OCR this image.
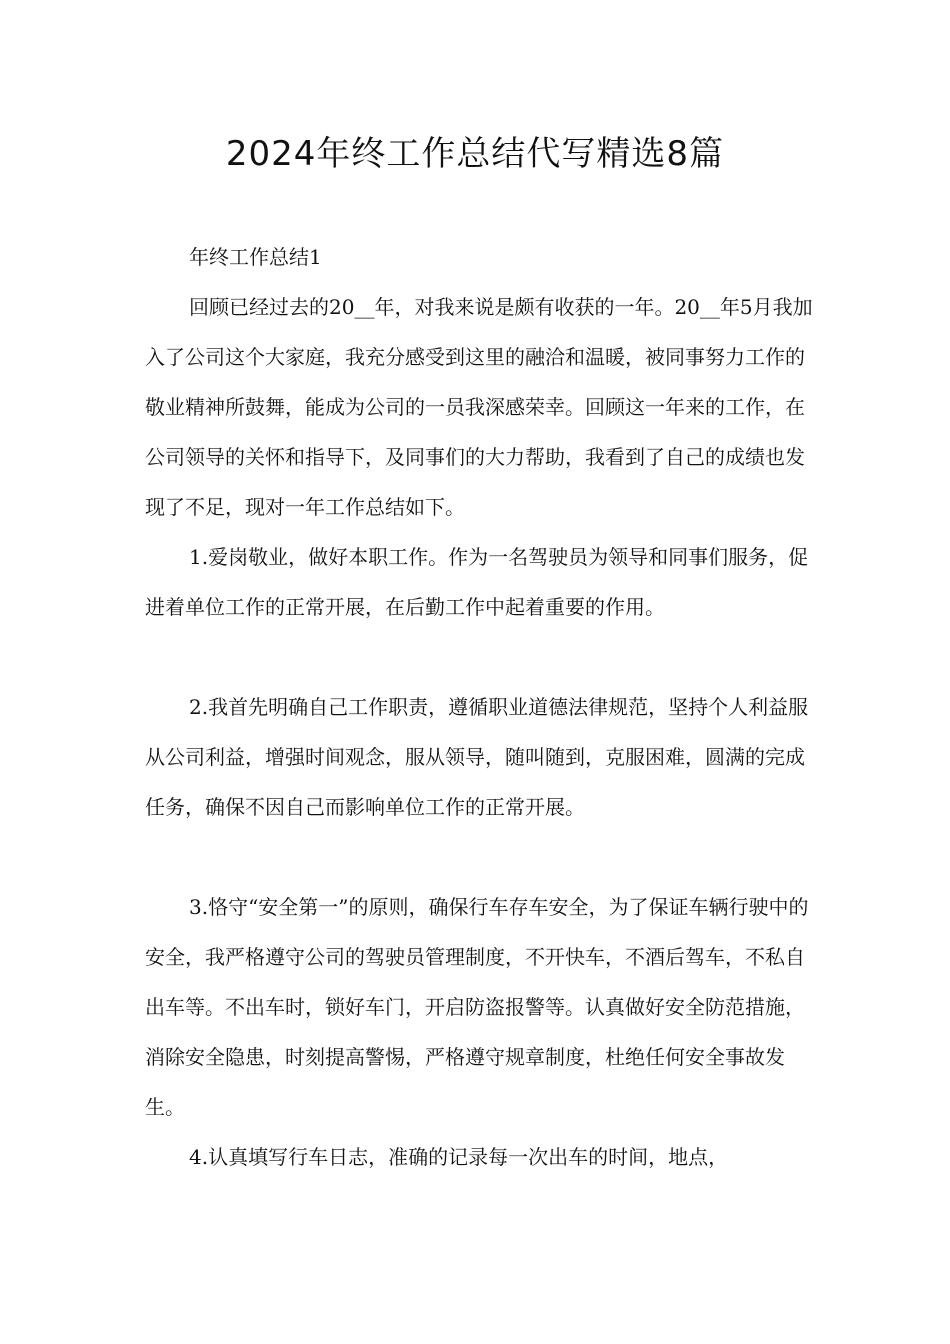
2024年终工作总结代写精选8篇

年终工作总结1

回顾已经过去的20__年，对我来说是颇有收获的一年。20__年5月我加入了公司这个大家庭，我充分感受到这里的融洽和温暖，被同事努力工作的敬业精神所鼓舞，能成为公司的一员我深感荣幸。回顾这一年来的工作，在公司领导的关怀和指导下，及同事们的大力帮助，我看到了自己的成绩也发现了不足，现对一年工作总结如下。

1.爱岗敬业，做好本职工作。作为一名驾驶员为领导和同事们服务，促进着单位工作的正常开展，在后勤工作中起着重要的作用。

2.我首先明确自己工作职责，遵循职业道德法律规范，坚持个人利益服从公司利益，增强时间观念，服从领导，随叫随到，克服困难，圆满的完成任务，确保不因自己而影响单位工作的正常开展。

3.恪守“安全第一”的原则，确保行车存车安全，为了保证车辆行驶中的安全，我严格遵守公司的驾驶员管理制度，不开快车，不酒后驾车，不私自出车等。不出车时，锁好车门，开启防盗报警等。认真做好安全防范措施，消除安全隐患，时刻提高警惕，严格遵守规章制度，杜绝任何安全事故发生。

4.认真填写行车日志，准确的记录每一次出车的时间，地点，
